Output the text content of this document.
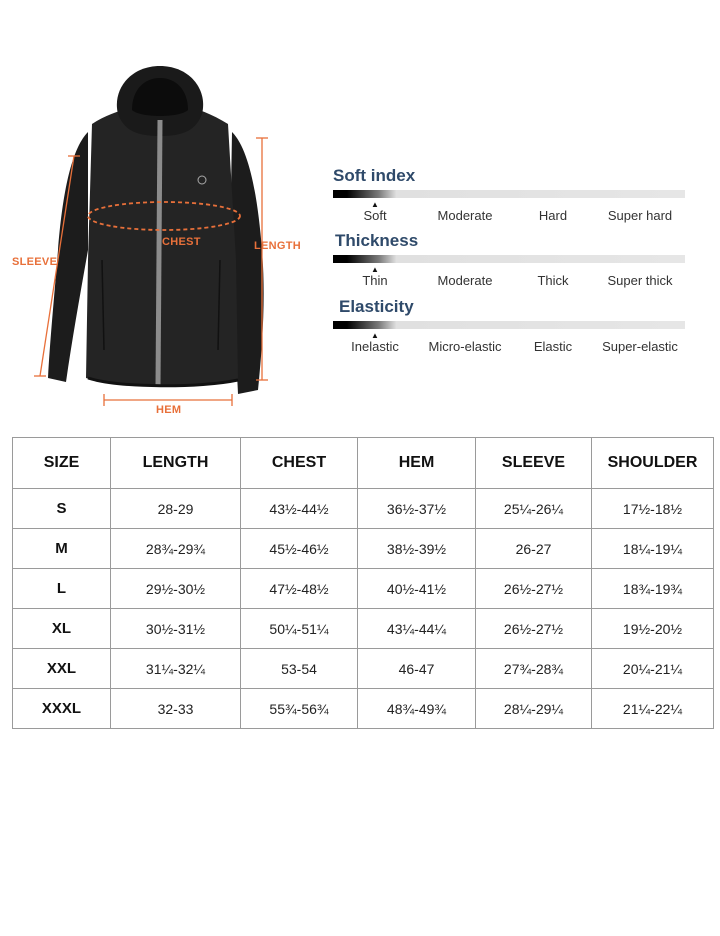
SLEEVE
CHEST	LENGTH
HEM
Soft index
▲
Soft	Moderate	Hard	Super hard
Thickness
▲
Thin	Moderate	Thick	Super thick
Elasticity
▲
Inelastic Micro-elastic Elastic Super-elastic
SIZE	LENGTH	CHEST	HEM	SLEEVE	SHOULDER
S	28-29	43½-44½	36½-37½	25¼-26¼	17½-18½
M	28¾-29¾	45½-46½	38½-39½	26-27	18¼-19¼
L	29½-30½	47½-48½	40½-41½	26½-27½	18¾-19¾
XL	30½-31½	50¼-51¼	43¼-44¼	26½-27½	19½-20½
XXL	31¼-32¼	53-54	46-47	27¾-28¾	20¼-21¼
XXXL	32-33	55¾-56¾	48¾-49¾	28¼-29¼	21¼-22¼
